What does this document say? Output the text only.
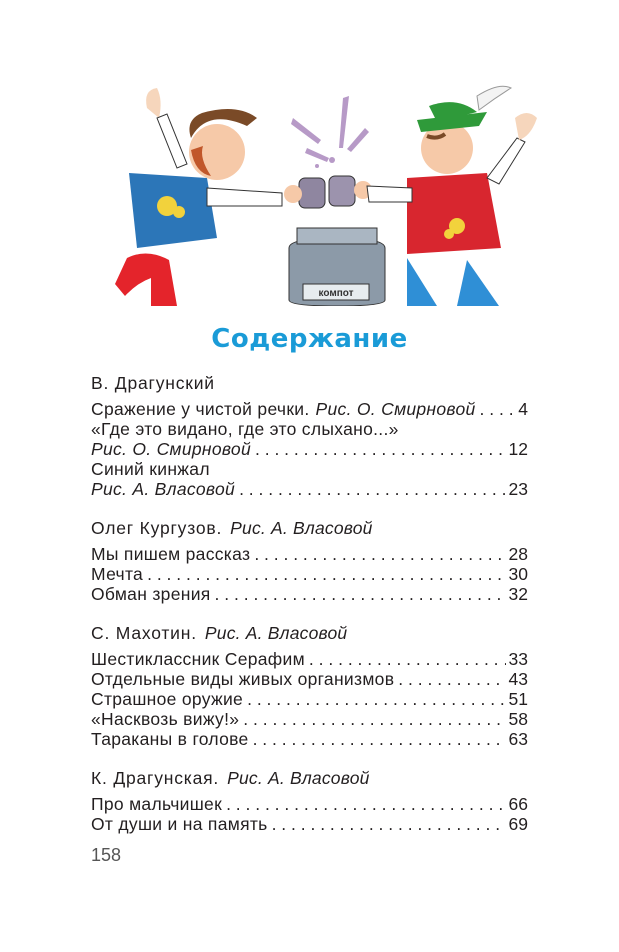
компот
Содержание
В. Драгунский
Сражение у чистой речки. Рис. О. Смирновой . . . 4
«Где это видано, где это слыхано...»
Рис. О. Смирновой . . .	12
Синий кинжал
Рис. А. Власовой . . .	23
Олег Кургузов. Рис. А. Власовой
Мы пишем рассказ . . .	28
Мечта . . .	30
Обман зрения . . .	32
С. Махотин. Рис. А. Власовой
Шестиклассник Серафим . . .	33
Отдельные виды живых организмов . . .	43
Страшное оружие . . .	51
«Насквозь вижу!» . . .	58
Тараканы в голове . . .	63
К. Драгунская. Рис. А. Власовой
Про мальчишек . . .	66
От души и на память . . .	69
158
